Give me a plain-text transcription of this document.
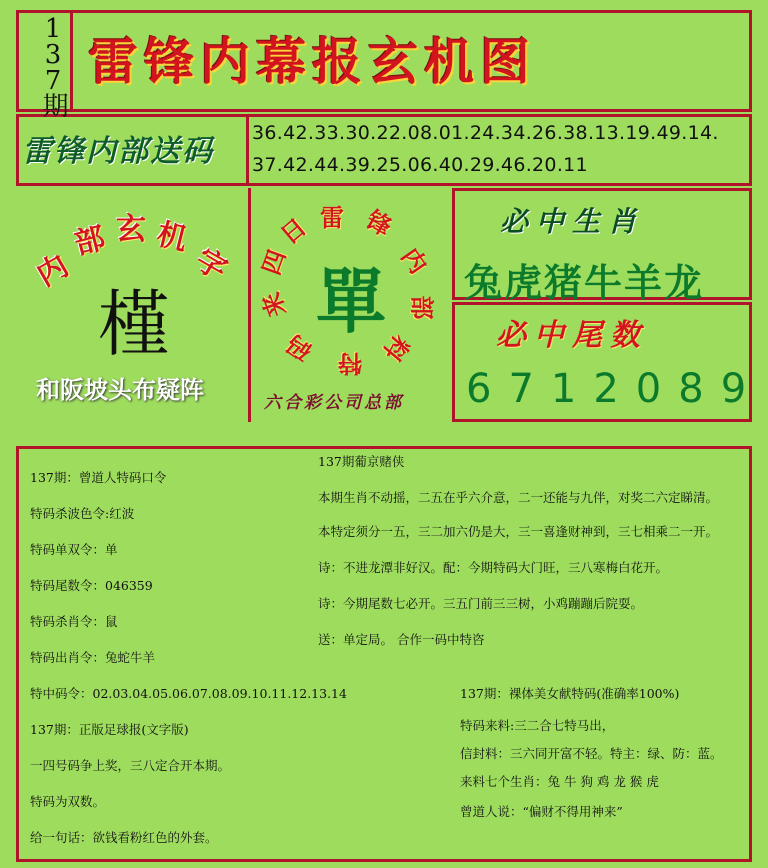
137期 雷锋内幕报玄机图
雷锋内部送码
36.42.33.30.22.08.01.24.34.26.38.13.19.49.14.
37.42.44.39.25.06.40.29.46.20.11
内
部 玄 机
字
槿
和阪坡头布疑阵
雷 锋
内
部
料
特
码
来
四
日
單
六合彩公司总部
必中生肖
兔虎猪牛羊龙
必中尾数
6712089
137期：曾道人特码口令
特码杀波色令:红波
特码单双令：单
特码尾数令：046359
特码杀肖令：鼠
特码出肖令：兔蛇牛羊
137期葡京赌侠
本期生肖不动摇，二五在乎六介意，二一还能与九伴，对奖二六定睇清。
本特定须分一五，三二加六仍是大，三一喜逢财神到，三七相乘二一开。
诗：不进龙潭非好汉。配：今期特码大门旺，三八寒梅白花开。
诗：今期尾数七必开。三五门前三三树，小鸡蹦蹦后院耍。
送：单定局。 合作一码中特咨
特中码令：02.03.04.05.06.07.08.09.10.11.12.13.14
137期：正版足球报(文字版)
一四号码争上奖，三八定合开本期。
特码为双数。
给一句话：欲钱看粉红色的外套。
137期：裸体美女献特码(准确率100%)
特码来料:三二合七特马出，
信封料：三六同开富不轻。特主：绿、防：蓝。
来料七个生肖：兔 牛 狗 鸡 龙 猴 虎
曾道人说：“偏财不得用神来”
